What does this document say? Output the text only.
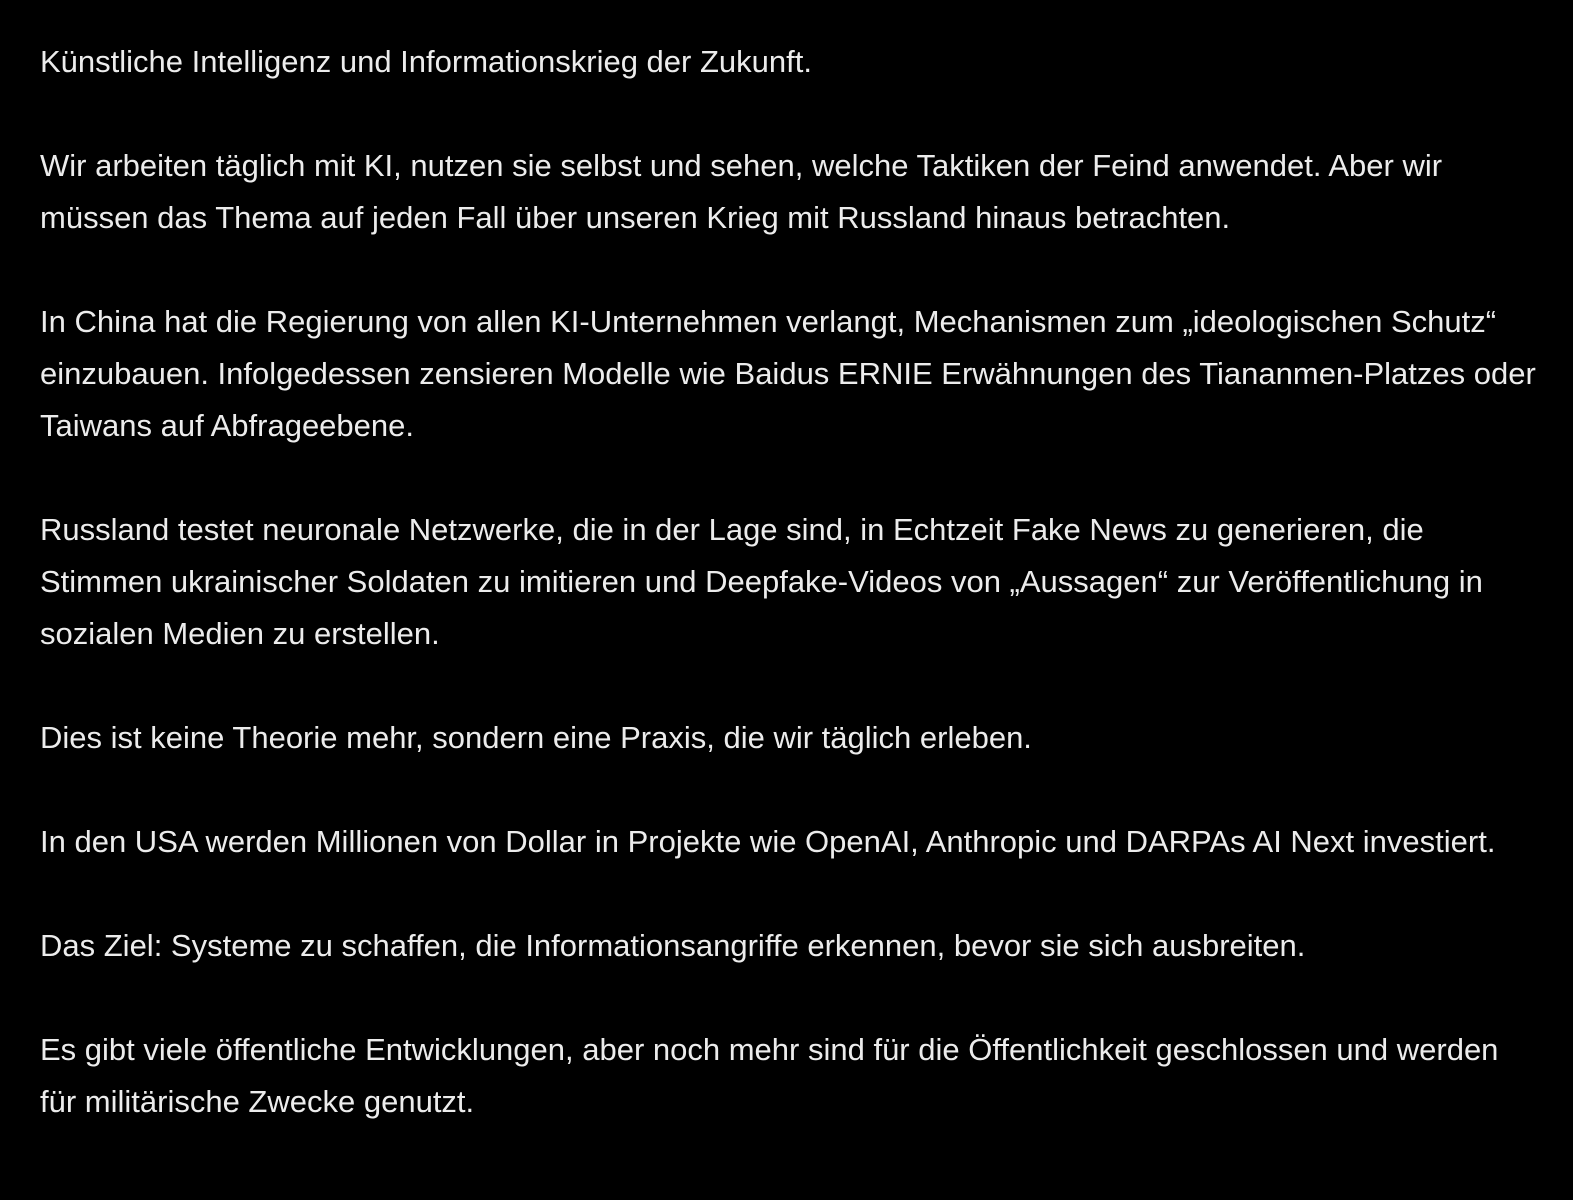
Künstliche Intelligenz und Informationskrieg der Zukunft.

Wir arbeiten täglich mit KI, nutzen sie selbst und sehen, welche Taktiken der Feind anwendet. Aber wir müssen das Thema auf jeden Fall über unseren Krieg mit Russland hinaus betrachten.

In China hat die Regierung von allen KI-Unternehmen verlangt, Mechanismen zum „ideologischen Schutz“ einzubauen. Infolgedessen zensieren Modelle wie Baidus ERNIE Erwähnungen des Tiananmen-Platzes oder Taiwans auf Abfrageebene.

Russland testet neuronale Netzwerke, die in der Lage sind, in Echtzeit Fake News zu generieren, die Stimmen ukrainischer Soldaten zu imitieren und Deepfake-Videos von „Aussagen“ zur Veröffentlichung in sozialen Medien zu erstellen.

Dies ist keine Theorie mehr, sondern eine Praxis, die wir täglich erleben.

In den USA werden Millionen von Dollar in Projekte wie OpenAI, Anthropic und DARPAs AI Next investiert.

Das Ziel: Systeme zu schaffen, die Informationsangriffe erkennen, bevor sie sich ausbreiten.

Es gibt viele öffentliche Entwicklungen, aber noch mehr sind für die Öffentlichkeit geschlossen und werden für militärische Zwecke genutzt.
